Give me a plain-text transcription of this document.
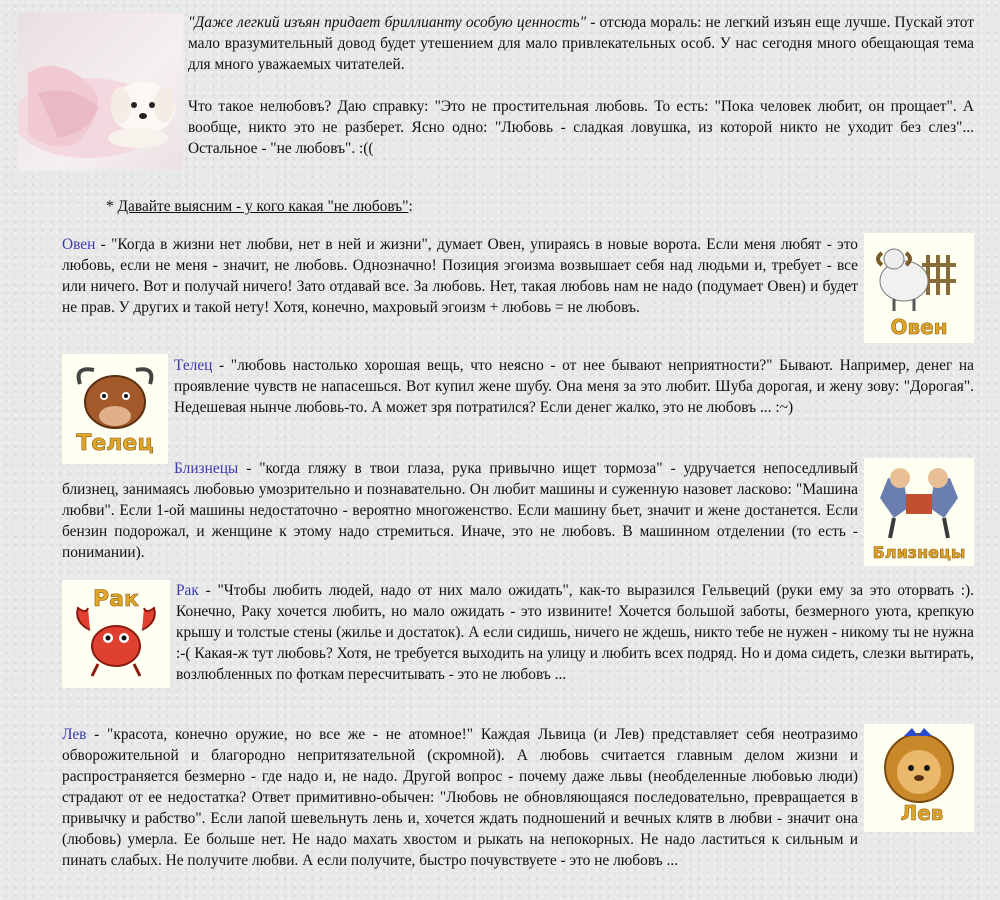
"Даже легкий изъян придает бриллианту особую ценность" - отсюда мораль: не легкий изъян еще лучше. Пускай этот мало вразумительный довод будет утешением для мало привлекательных особ. У нас сегодня много обещающая тема для много уважаемых читателей.

Что такое нелюбовъ? Даю справку: "Это не простительная любовь. То есть: "Пока человек любит, он прощает". А вообще, никто это не разберет. Ясно одно: "Любовь - сладкая ловушка, из которой никто не уходит без слез"... Остальное - "не любовъ". :((

* Давайте выясним - у кого какая "не любовъ":
Овен

Овен - "Когда в жизни нет любви, нет в ней и жизни", думает Овен, упираясь в новые ворота. Если меня любят - это любовь, если не меня - значит, не любовь. Однозначно! Позиция эгоизма возвышает себя над людьми и, требует - все или ничего. Вот и получай ничего! Зато отдавай все. За любовь. Нет, такая любовь нам не надо (подумает Овен) и будет не прав. У других и такой нету! Хотя, конечно, махровый эгоизм + любовь = не любовъ.

Телец

Телец - "любовь настолько хорошая вещь, что неясно - от нее бывают неприятности?" Бывают. Например, денег на проявление чувств не напасешься. Вот купил жене шубу. Она меня за это любит. Шуба дорогая, и жену зову: "Дорогая". Недешевая нынче любовь-то. А может зря потратился? Если денег жалко, это не любовъ ... :~)

Близнецы

Близнецы - "когда гляжу в твои глаза, рука привычно ищет тормоза" - удручается непоседливый близнец, занимаясь любовью умозрительно и познавательно. Он любит машины и суженную назовет ласково: "Машина любви". Если 1-ой машины недостаточно - вероятно многоженство. Если машину бьет, значит и жене достанется. Если бензин подорожал, и женщине к этому надо стремиться. Иначе, это не любовъ. В машинном отделении (то есть - понимании).

Рак	Рак - "Чтобы любить людей, надо от них мало ожидать", как-то выразился Гельвеций (руки ему за это оторвать :). Конечно, Раку хочется любить, но мало ожидать - это извините! Хочется большой заботы, безмерного уюта, крепкую крышу и толстые стены (жилье и достаток). А если сидишь, ничего не ждешь, никто тебе не нужен - никому ты не нужна :-( Какая-ж тут любовь? Хотя, не требуется выходить на улицу и любить всех подряд. Но и дома сидеть, слезки вытирать, возлюбленных по фоткам пересчитывать - это не любовъ ...

Лев

Лев - "красота, конечно оружие, но все же - не атомное!" Каждая Львица (и Лев) представляет себя неотразимо обворожительной и благородно непритязательной (скромной). А любовь считается главным делом жизни и распространяется безмерно - где надо и, не надо. Другой вопрос - почему даже львы (необделенные любовью люди) страдают от ее недостатка? Ответ примитивно-обычен: "Любовь не обновляющаяся последовательно, превращается в привычку и рабство". Если лапой шевельнуть лень и, хочется ждать подношений и вечных клятв в любви - значит она (любовь) умерла. Ее больше нет. Не надо махать хвостом и рыкать на непокорных. Не надо ластиться к сильным и пинать слабых. Не получите любви. А если получите, быстро почувствуете - это не любовъ ...
